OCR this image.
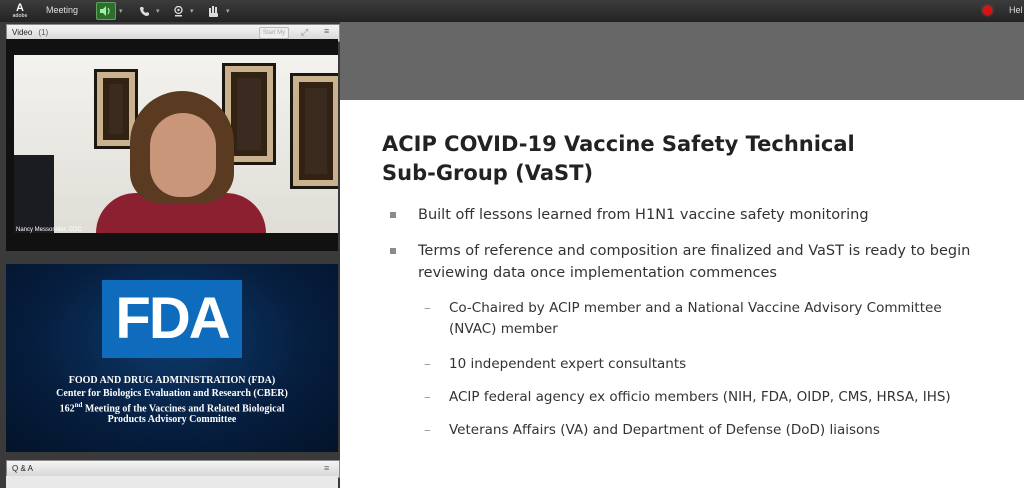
A
adobe
Meeting	▾	▾	▾	▾	Hel
Video (1)	Start My	⤢ ≡
Nancy Messonnier, CDC
FDA
FOOD AND DRUG ADMINISTRATION (FDA)
Center for Biologics Evaluation and Research (CBER)
162nd Meeting of the Vaccines and Related Biological
Products Advisory Committee
Q & A	≡
ACIP COVID-19 Vaccine Safety Technical
Sub-Group (VaST)
Built off lessons learned from H1N1 vaccine safety monitoring
Terms of reference and composition are finalized and VaST is ready to begin reviewing data once implementation commences
– Co-Chaired by ACIP member and a National Vaccine Advisory Committee (NVAC) member
– 10 independent expert consultants
– ACIP federal agency ex officio members (NIH, FDA, OIDP, CMS, HRSA, IHS)
– Veterans Affairs (VA) and Department of Defense (DoD) liaisons
